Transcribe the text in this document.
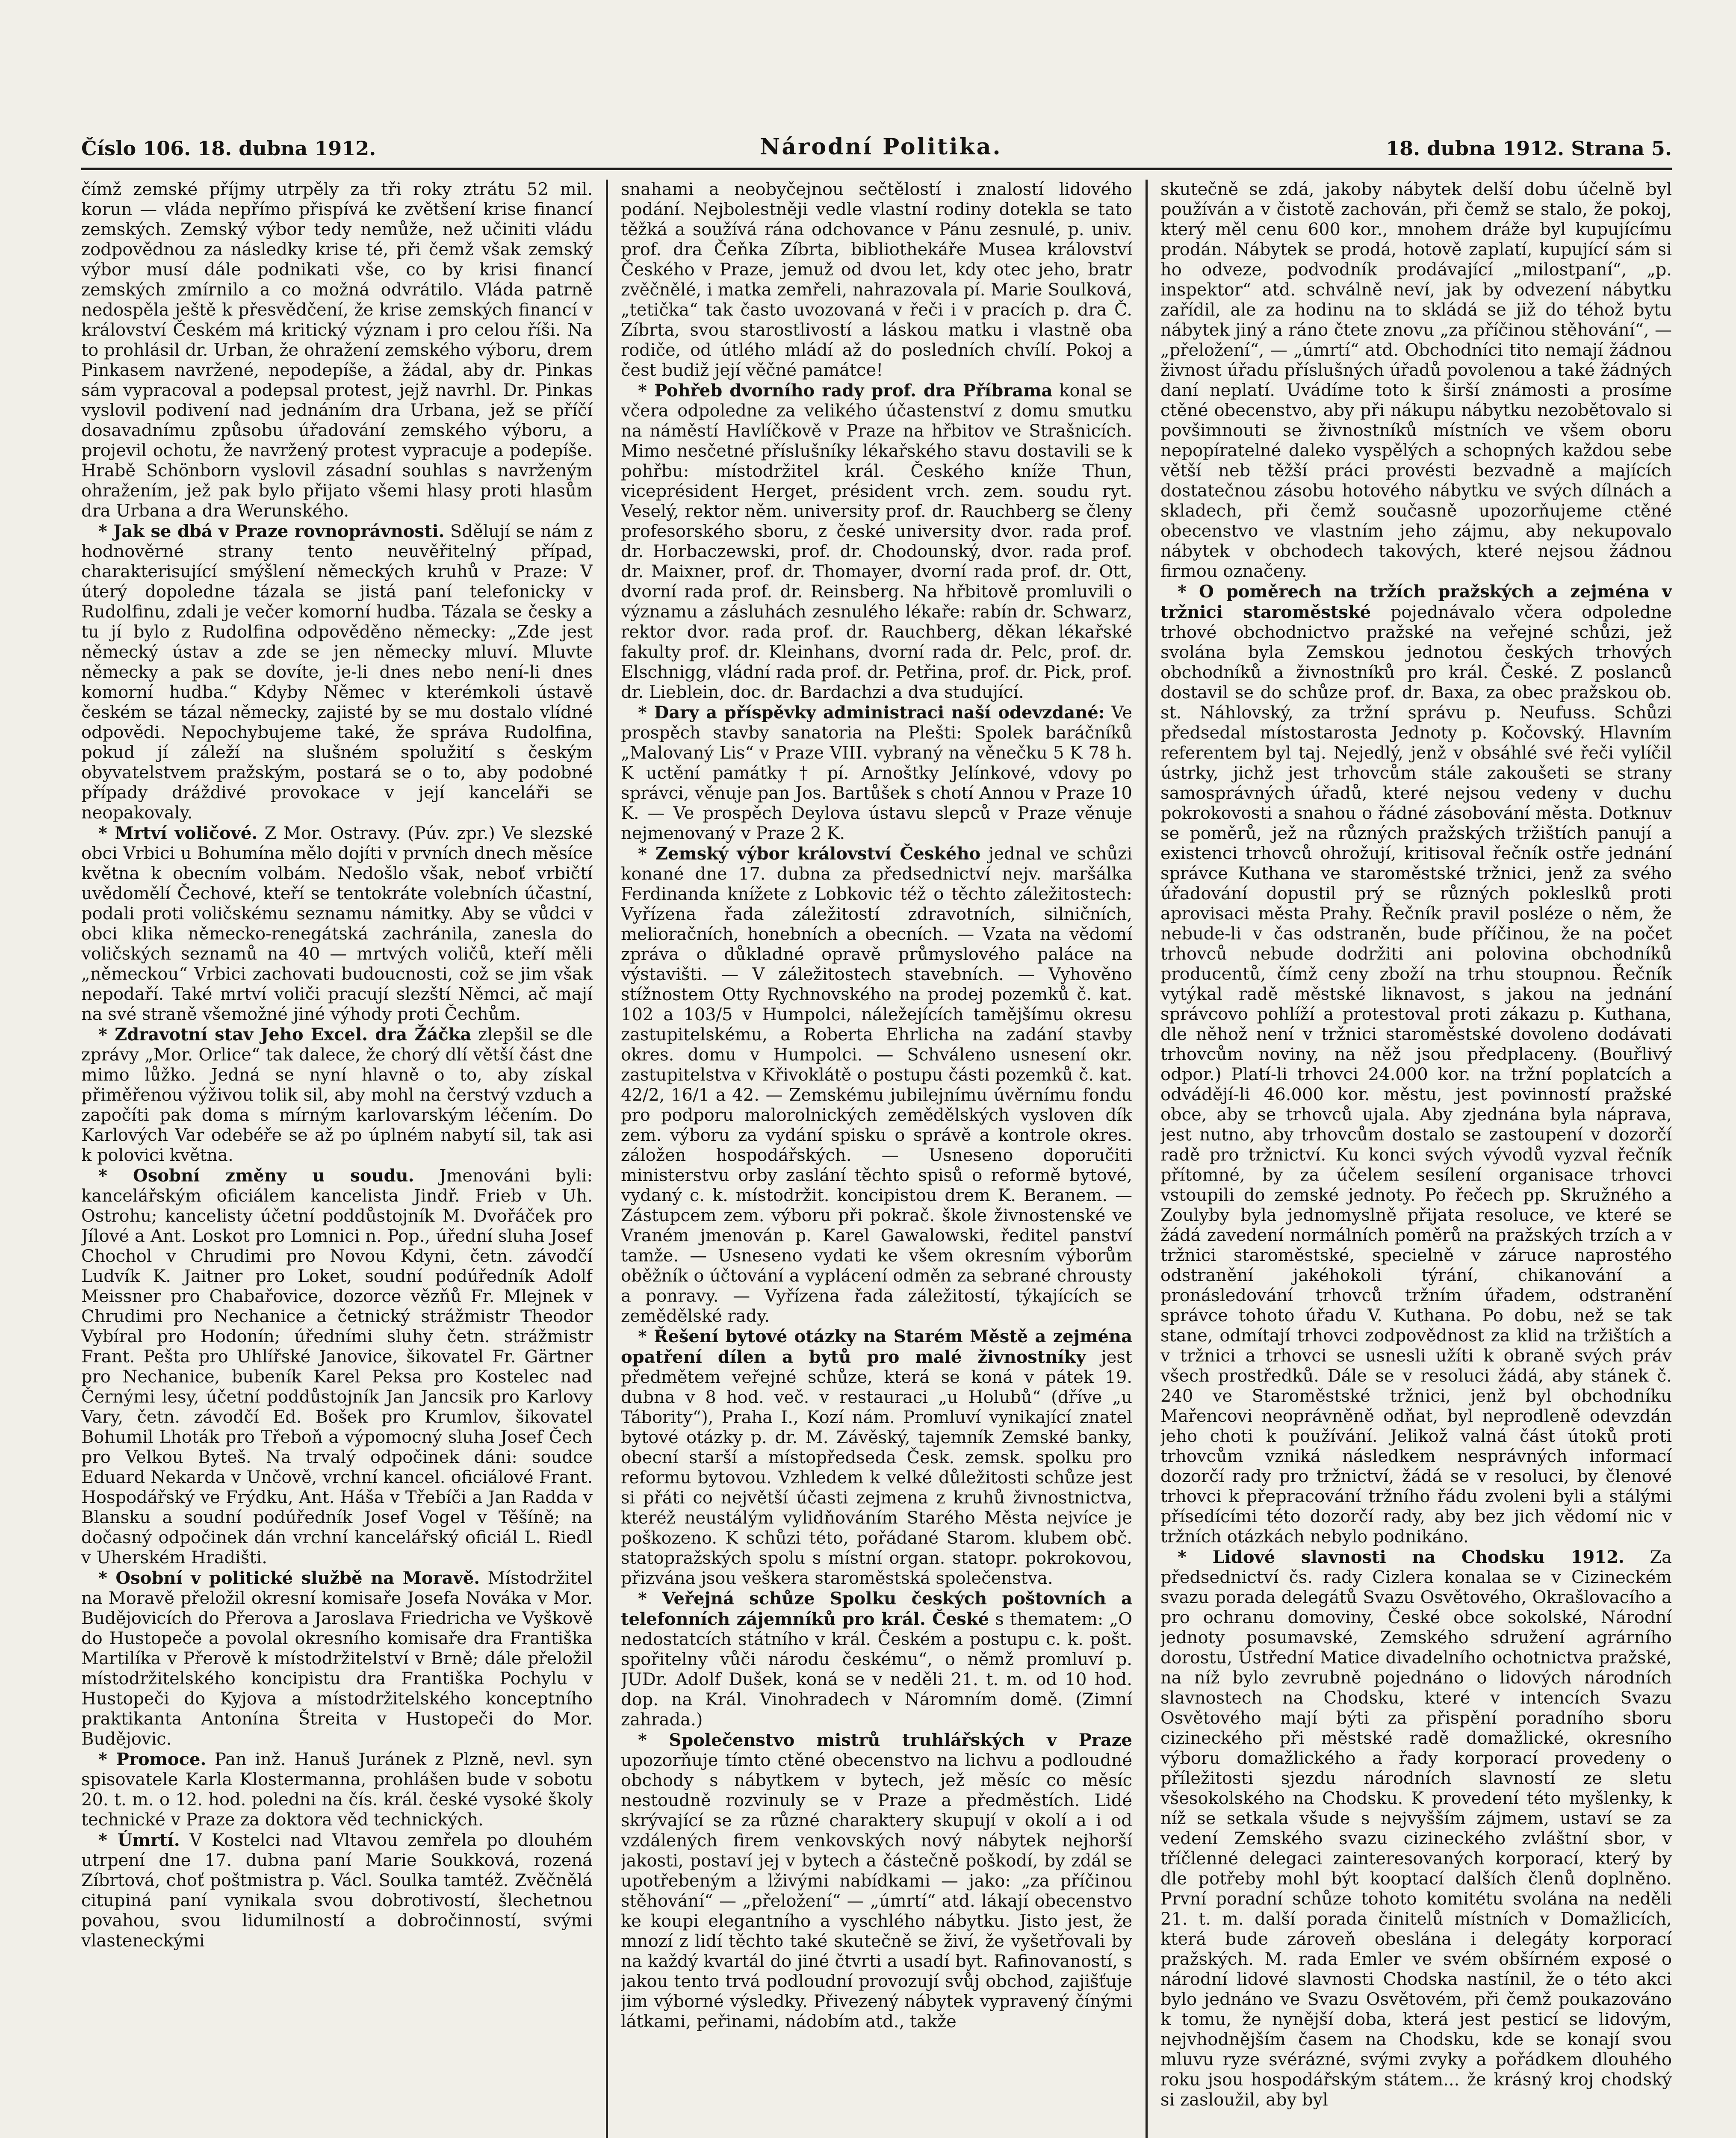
Číslo 106. 18. dubna 1912.	Národní Politika.	18. dubna 1912. Strana 5.

čímž zemské příjmy utrpěly za tři roky ztrátu 52 mil. korun — vláda nepřímo přispívá ke zvětšení krise financí zemských. Zemský výbor tedy nemůže, než učiniti vládu zodpovědnou za následky krise té, při čemž však zemský výbor musí dále podnikati vše, co by krisi financí zemských zmírnilo a co možná odvrátilo. Vláda patrně nedospěla ještě k přesvědčení, že krise zemských financí v království Českém má kritický význam i pro celou říši. Na to prohlásil dr. Urban, že ohražení zemského výboru, drem Pinkasem navržené, nepodepíše, a žádal, aby dr. Pinkas sám vypracoval a podepsal protest, jejž navrhl. Dr. Pinkas vyslovil podivení nad jednáním dra Urbana, jež se příčí dosavadnímu způsobu úřadování zemského výboru, a projevil ochotu, že navržený protest vypracuje a podepíše. Hrabě Schönborn vyslovil zásadní souhlas s navrženým ohražením, jež pak bylo přijato všemi hlasy proti hlasům dra Urbana a dra Werunského.

* Jak se dbá v Praze rovnoprávnosti. Sdělují se nám z hodnověrné strany tento neuvěřitelný případ, charakterisující smýšlení německých kruhů v Praze: V úterý dopoledne tázala se jistá paní telefonicky v Rudolfinu, zdali je večer komorní hudba. Tázala se česky a tu jí bylo z Rudolfina odpověděno německy: „Zde jest německý ústav a zde se jen německy mluví. Mluvte německy a pak se dovíte, je-li dnes nebo není-li dnes komorní hudba.“ Kdyby Němec v kterémkoli ústavě českém se tázal německy, zajisté by se mu dostalo vlídné odpovědi. Nepochybujeme také, že správa Rudolfina, pokud jí záleží na slušném spolužití s českým obyvatelstvem pražským, postará se o to, aby podobné případy dráždivé provokace v její kanceláři se neopakovaly.

* Mrtví voličové. Z Mor. Ostravy. (Púv. zpr.) Ve slezské obci Vrbici u Bohumína mělo dojíti v prvních dnech měsíce května k obecním volbám. Nedošlo však, neboť vrbičtí uvědomělí Čechové, kteří se tentokráte volebních účastní, podali proti voličskému seznamu námitky. Aby se vůdci v obci klika německo-renegátská zachránila, zanesla do voličských seznamů na 40 — mrtvých voličů, kteří měli „německou“ Vrbici zachovati budoucnosti, což se jim však nepodaří. Také mrtví voliči pracují slezští Němci, ač mají na své straně všemožné jiné výhody proti Čechům.

* Zdravotní stav Jeho Excel. dra Žáčka zlepšil se dle zprávy „Mor. Orlice“ tak dalece, že chorý dlí větší část dne mimo lůžko. Jedná se nyní hlavně o to, aby získal přiměřenou výživou tolik sil, aby mohl na čerstvý vzduch a započíti pak doma s mírným karlovarským léčením. Do Karlových Var odebéře se až po úplném nabytí sil, tak asi k polovici května.

* Osobní změny u soudu. Jmenováni byli: kancelářským oficiálem kancelista Jindř. Frieb v Uh. Ostrohu; kancelisty účetní poddůstojník M. Dvořáček pro Jílové a Ant. Loskot pro Lomnici n. Pop., úřední sluha Josef Chochol v Chrudimi pro Novou Kdyni, četn. závodčí Ludvík K. Jaitner pro Loket, soudní podúředník Adolf Meissner pro Chabařovice, dozorce vězňů Fr. Mlejnek v Chrudimi pro Nechanice a četnický strážmistr Theodor Vybíral pro Hodonín; úředními sluhy četn. strážmistr Frant. Pešta pro Uhlířské Janovice, šikovatel Fr. Gärtner pro Nechanice, bubeník Karel Peksa pro Kostelec nad Černými lesy, účetní poddůstojník Jan Jancsik pro Karlovy Vary, četn. závodčí Ed. Bošek pro Krumlov, šikovatel Bohumil Lhoták pro Třeboň a výpomocný sluha Josef Čech pro Velkou Byteš. Na trvalý odpočinek dáni: soudce Eduard Nekarda v Unčově, vrchní kancel. oficiálové Frant. Hospodářský ve Frýdku, Ant. Háša v Třebíči a Jan Radda v Blansku a soudní podúředník Josef Vogel v Těšíně; na dočasný odpočinek dán vrchní kancelářský oficiál L. Riedl v Uherském Hradišti.

* Osobní v politické službě na Moravě. Místodržitel na Moravě přeložil okresní komisaře Josefa Nováka v Mor. Budějovicích do Přerova a Jaroslava Friedricha ve Vyškově do Hustopeče a povolal okresního komisaře dra Františka Martilíka v Přerově k místodržitelství v Brně; dále přeložil místodržitelského koncipistu dra Františka Pochylu v Hustopeči do Kyjova a místodržitelského konceptního praktikanta Antonína Štreita v Hustopeči do Mor. Budějovic.

* Promoce. Pan inž. Hanuš Juránek z Plzně, nevl. syn spisovatele Karla Klostermanna, prohlášen bude v sobotu 20. t. m. o 12. hod. poledni na čís. král. české vysoké školy technické v Praze za doktora věd technických.

* Úmrtí. V Kostelci nad Vltavou zemřela po dlouhém utrpení dne 17. dubna paní Marie Soukková, rozená Zíbrtová, choť poštmistra p. Václ. Soulka tamtéž. Zvěčnělá citupiná paní vynikala svou dobrotivostí, šlechetnou povahou, svou lidumilností a dobročinností, svými vlasteneckými

snahami a neobyčejnou sečtělostí i znalostí lidového podání. Nejbolestněji vedle vlastní rodiny dotekla se tato těžká a soužívá rána odchovance v Pánu zesnulé, p. univ. prof. dra Čeňka Zíbrta, bibliothekáře Musea království Českého v Praze, jemuž od dvou let, kdy otec jeho, bratr zvěčnělé, i matka zemřeli, nahrazovala pí. Marie Soulková, „tetička“ tak často uvozovaná v řeči i v pracích p. dra Č. Zíbrta, svou starostlivostí a láskou matku i vlastně oba rodiče, od útlého mládí až do posledních chvílí. Pokoj a čest budiž její věčné památce!

* Pohřeb dvorního rady prof. dra Příbrama konal se včera odpoledne za velikého účastenství z domu smutku na náměstí Havlíčkově v Praze na hřbitov ve Strašnicích. Mimo nesčetné příslušníky lékařského stavu dostavili se k pohřbu: místodržitel král. Českého kníže Thun, viceprésident Herget, président vrch. zem. soudu ryt. Veselý, rektor něm. university prof. dr. Rauchberg se členy profesorského sboru, z české university dvor. rada prof. dr. Horbaczewski, prof. dr. Chodounský, dvor. rada prof. dr. Maixner, prof. dr. Thomayer, dvorní rada prof. dr. Ott, dvorní rada prof. dr. Reinsberg. Na hřbitově promluvili o významu a zásluhách zesnulého lékaře: rabín dr. Schwarz, rektor dvor. rada prof. dr. Rauchberg, děkan lékařské fakulty prof. dr. Kleinhans, dvorní rada dr. Pelc, prof. dr. Elschnigg, vládní rada prof. dr. Petřina, prof. dr. Pick, prof. dr. Lieblein, doc. dr. Bardachzi a dva studující.

* Dary a příspěvky administraci naší odevzdané: Ve prospěch stavby sanatoria na Plešti: Spolek baráčníků „Malovaný Lis“ v Praze VIII. vybraný na věnečku 5 K 78 h. K uctění památky † pí. Arnoštky Jelínkové, vdovy po správci, věnuje pan Jos. Bartůšek s chotí Annou v Praze 10 K. — Ve prospěch Deylova ústavu slepců v Praze věnuje nejmenovaný v Praze 2 K.

* Zemský výbor království Českého jednal ve schůzi konané dne 17. dubna za předsednictví nejv. maršálka Ferdinanda knížete z Lobkovic též o těchto záležitostech: Vyřízena řada záležitostí zdravotních, silničních, melioračních, honebních a obecních. — Vzata na vědomí zpráva o důkladné opravě průmyslového paláce na výstavišti. — V záležitostech stavebních. — Vyhověno stížnostem Otty Rychnovského na prodej pozemků č. kat. 102 a 103/5 v Humpolci, náležejících tamějšímu okresu zastupitelskému, a Roberta Ehrlicha na zadání stavby okres. domu v Humpolci. — Schváleno usnesení okr. zastupitelstva v Křivoklátě o postupu části pozemků č. kat. 42/2, 16/1 a 42. — Zemskému jubilejnímu úvěrnímu fondu pro podporu malorolnických zemědělských vysloven dík zem. výboru za vydání spisku o správě a kontrole okres. záložen hospodářských. — Usneseno doporučiti ministerstvu orby zaslání těchto spisů o reformě bytové, vydaný c. k. místodržit. koncipistou drem K. Beranem. — Zástupcem zem. výboru při pokrač. škole živnostenské ve Vraném jmenován p. Karel Gawalowski, ředitel panství tamže. — Usneseno vydati ke všem okresním výborům oběžník o účtování a vyplácení odměn za sebrané chrousty a ponravy. — Vyřízena řada záležitostí, týkajících se zemědělské rady.

* Řešení bytové otázky na Starém Městě a zejména opatření dílen a bytů pro malé živnostníky jest předmětem veřejné schůze, která se koná v pátek 19. dubna v 8 hod. več. v restauraci „u Holubů“ (dříve „u Tábority“), Praha I., Kozí nám. Promluví vynikající znatel bytové otázky p. dr. M. Závěský, tajemník Zemské banky, obecní starší a místopředseda Česk. zemsk. spolku pro reformu bytovou. Vzhledem k velké důležitosti schůze jest si přáti co největší účasti zejmena z kruhů živnostnictva, kteréž neustálým vylidňováním Starého Města nejvíce je poškozeno. K schůzi této, pořádané Starom. klubem obč. statopražských spolu s místní organ. statopr. pokrokovou, přizvána jsou veškera staroměstská společenstva.

* Veřejná schůze Spolku českých poštovních a telefonních zájemníků pro král. České s thematem: „O nedostatcích státního v král. Českém a postupu c. k. pošt. spořitelny vůči národu českému“, o němž promluví p. JUDr. Adolf Dušek, koná se v neděli 21. t. m. od 10 hod. dop. na Král. Vinohradech v Náromním domě. (Zimní zahrada.)

* Společenstvo mistrů truhlářských v Praze upozorňuje tímto ctěné obecenstvo na lichvu a podloudné obchody s nábytkem v bytech, jež měsíc co měsíc nestoudně rozvinuly se v Praze a předměstích. Lidé skrývající se za různé charaktery skupují v okolí a i od vzdálených firem venkovských nový nábytek nejhorší jakosti, postaví jej v bytech a částečně poškodí, by zdál se upotřebeným a lživými nabídkami — jako: „za příčinou stěhování“ — „přeložení“ — „úmrtí“ atd. lákají obecenstvo ke koupi elegantního a vyschlého nábytku. Jisto jest, že mnozí z lidí těchto také skutečně se živí, že vyšetřovali by na každý kvartál do jiné čtvrti a usadí byt. Rafinovaností, s jakou tento trvá podloudní provozují svůj obchod, zajišťuje jim výborné výsledky. Přivezený nábytek vypravený čínými látkami, peřinami, nádobím atd., takže

skutečně se zdá, jakoby nábytek delší dobu účelně byl používán a v čistotě zachován, při čemž se stalo, že pokoj, který měl cenu 600 kor., mnohem dráže byl kupujícímu prodán. Nábytek se prodá, hotově zaplatí, kupující sám si ho odveze, podvodník prodávající „milostpaní“, „p. inspektor“ atd. schválně neví, jak by odvezení nábytku zařídil, ale za hodinu na to skládá se již do téhož bytu nábytek jiný a ráno čtete znovu „za příčinou stěhování“, — „přeložení“, — „úmrtí“ atd. Obchodníci tito nemají žádnou živnost úřadu příslušných úřadů povolenou a také žádných daní neplatí. Uvádíme toto k širší známosti a prosíme ctěné obecenstvo, aby při nákupu nábytku nezobětovalo si povšimnouti se živnostníků místních ve všem oboru nepopíratelné daleko vyspělých a schopných každou sebe větší neb těžší práci provésti bezvadně a majících dostatečnou zásobu hotového nábytku ve svých dílnách a skladech, při čemž současně upozorňujeme ctěné obecenstvo ve vlastním jeho zájmu, aby nekupovalo nábytek v obchodech takových, které nejsou žádnou firmou označeny.

* O poměrech na tržích pražských a zejména v tržnici staroměstské pojednávalo včera odpoledne trhové obchodnictvo pražské na veřejné schůzi, jež svolána byla Zemskou jednotou českých trhových obchodníků a živnostníků pro král. České. Z poslanců dostavil se do schůze prof. dr. Baxa, za obec pražskou ob. st. Náhlovský, za tržní správu p. Neufuss. Schůzi předsedal místostarosta Jednoty p. Kočovský. Hlavním referentem byl taj. Nejedlý, jenž v obsáhlé své řeči vylíčil ústrky, jichž jest trhovcům stále zakoušeti se strany samosprávných úřadů, které nejsou vedeny v duchu pokrokovosti a snahou o řádné zásobování města. Dotknuv se poměrů, jež na různých pražských tržištích panují a existenci trhovců ohrožují, kritisoval řečník ostře jednání správce Kuthana ve staroměstské tržnici, jenž za svého úřadování dopustil prý se různých pokleslků proti aprovisaci města Prahy. Řečník pravil posléze o něm, že nebude-li v čas odstraněn, bude příčinou, že na počet trhovců nebude dodržiti ani polovina obchodníků producentů, čímž ceny zboží na trhu stoupnou. Řečník vytýkal radě městské liknavost, s jakou na jednání správcovo pohlíží a protestoval proti zákazu p. Kuthana, dle něhož není v tržnici staroměstské dovoleno dodávati trhovcům noviny, na něž jsou předplaceny. (Bouřlivý odpor.) Platí-li trhovci 24.000 kor. na tržní poplatcích a odvádějí-li 46.000 kor. městu, jest povinností pražské obce, aby se trhovců ujala. Aby zjednána byla náprava, jest nutno, aby trhovcům dostalo se zastoupení v dozorčí radě pro tržnictví. Ku konci svých vývodů vyzval řečník přítomné, by za účelem sesílení organisace trhovci vstoupili do zemské jednoty. Po řečech pp. Skružného a Zoulyby byla jednomyslně přijata resoluce, ve které se žádá zavedení normálních poměrů na pražských trzích a v tržnici staroměstské, specielně v záruce naprostého odstranění jakéhokoli týrání, chikanování a pronásledování trhovců tržním úřadem, odstranění správce tohoto úřadu V. Kuthana. Po dobu, než se tak stane, odmítají trhovci zodpovědnost za klid na tržištích a v tržnici a trhovci se usnesli užíti k obraně svých práv všech prostředků. Dále se v resoluci žádá, aby stánek č. 240 ve Staroměstské tržnici, jenž byl obchodníku Mařencovi neoprávněně odňat, byl neprodleně odevzdán jeho choti k používání. Jelikož valná část útoků proti trhovcům vzniká následkem nesprávných informací dozorčí rady pro tržnictví, žádá se v resoluci, by členové trhovci k přepracování tržního řádu zvoleni byli a stálými přísedícími této dozorčí rady, aby bez jich vědomí nic v tržních otázkách nebylo podnikáno.

* Lidové slavnosti na Chodsku 1912. Za předsednictví čs. rady Cizlera konalaa se v Cizineckém svazu porada delegátů Svazu Osvětového, Okrašlovacího a pro ochranu domoviny, České obce sokolské, Národní jednoty posumavské, Zemského sdružení agrárního dorostu, Ústřední Matice divadelního ochotnictva pražské, na níž bylo zevrubně pojednáno o lidových národních slavnostech na Chodsku, které v intencích Svazu Osvětového mají býti za přispění poradního sboru cizineckého při městské radě domažlické, okresního výboru domažlického a řady korporací provedeny o příležitosti sjezdu národních slavností ze sletu všesokolského na Chodsku. K provedení této myšlenky, k níž se setkala všude s nejvyšším zájmem, ustaví se za vedení Zemského svazu cizineckého zvláštní sbor, v tříčlenné delegaci zainteresovaných korporací, který by dle potřeby mohl být kooptací dalších členů doplněno. První poradní schůze tohoto komitétu svolána na neděli 21. t. m. další porada činitelů místních v Domažlicích, která bude zároveň obeslána i delegáty korporací pražských. M. rada Emler ve svém obšírném exposé o národní lidové slavnosti Chodska nastínil, že o této akci bylo jednáno ve Svazu Osvětovém, při čemž poukazováno k tomu, že nynější doba, která jest pesticí se lidovým, nejvhodnějším časem na Chodsku, kde se konají svou mluvu ryze svérázné, svými zvyky a pořádkem dlouhého roku jsou hospodářským státem... že krásný kroj chodský si zasloužil, aby byl
